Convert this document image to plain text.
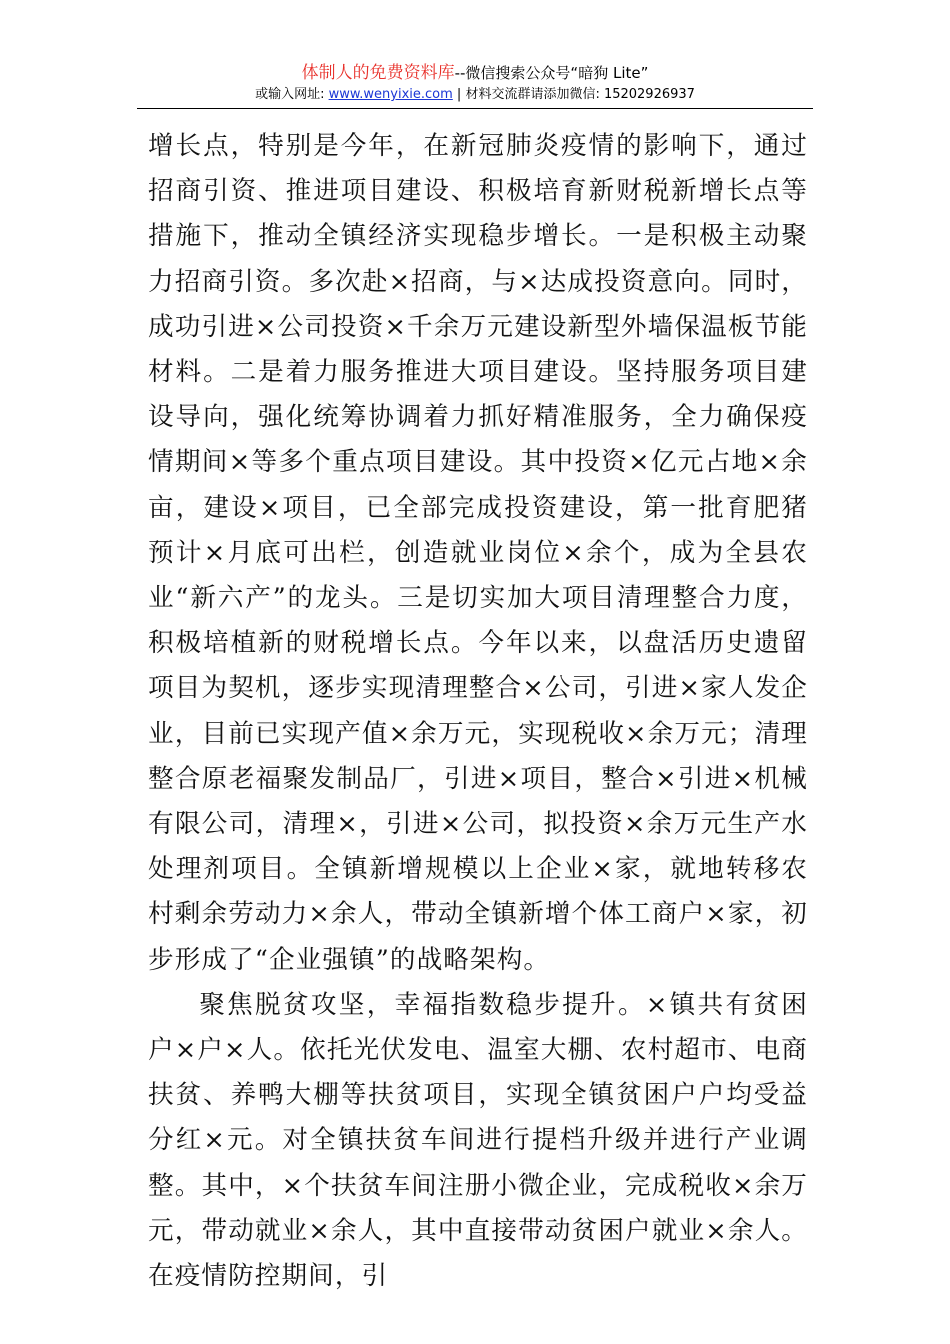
体制人的免费资料库--微信搜索公众号“暗狗 Lite”
或输入网址: www.wenyixie.com | 材料交流群请添加微信: 15202926937

增长点，特别是今年，在新冠肺炎疫情的影响下，通过招商引资、推进项目建设、积极培育新财税新增长点等措施下，推动全镇经济实现稳步增长。一是积极主动聚力招商引资。多次赴×招商，与×达成投资意向。同时，成功引进×公司投资×千余万元建设新型外墙保温板节能材料。二是着力服务推进大项目建设。坚持服务项目建设导向，强化统筹协调着力抓好精准服务，全力确保疫情期间×等多个重点项目建设。其中投资×亿元占地×余亩，建设×项目，已全部完成投资建设，第一批育肥猪预计×月底可出栏，创造就业岗位×余个，成为全县农业“新六产”的龙头。三是切实加大项目清理整合力度，积极培植新的财税增长点。今年以来，以盘活历史遗留项目为契机，逐步实现清理整合×公司，引进×家人发企业，目前已实现产值×余万元，实现税收×余万元；清理整合原老福聚发制品厂，引进×项目，整合×引进×机械有限公司，清理×，引进×公司，拟投资×余万元生产水处理剂项目。全镇新增规模以上企业×家，就地转移农村剩余劳动力×余人，带动全镇新增个体工商户×家，初步形成了“企业强镇”的战略架构。

聚焦脱贫攻坚，幸福指数稳步提升。×镇共有贫困户×户×人。依托光伏发电、温室大棚、农村超市、电商扶贫、养鸭大棚等扶贫项目，实现全镇贫困户户均受益分红×元。对全镇扶贫车间进行提档升级并进行产业调整。其中，×个扶贫车间注册小微企业，完成税收×余万元，带动就业×余人，其中直接带动贫困户就业×余人。在疫情防控期间，引
